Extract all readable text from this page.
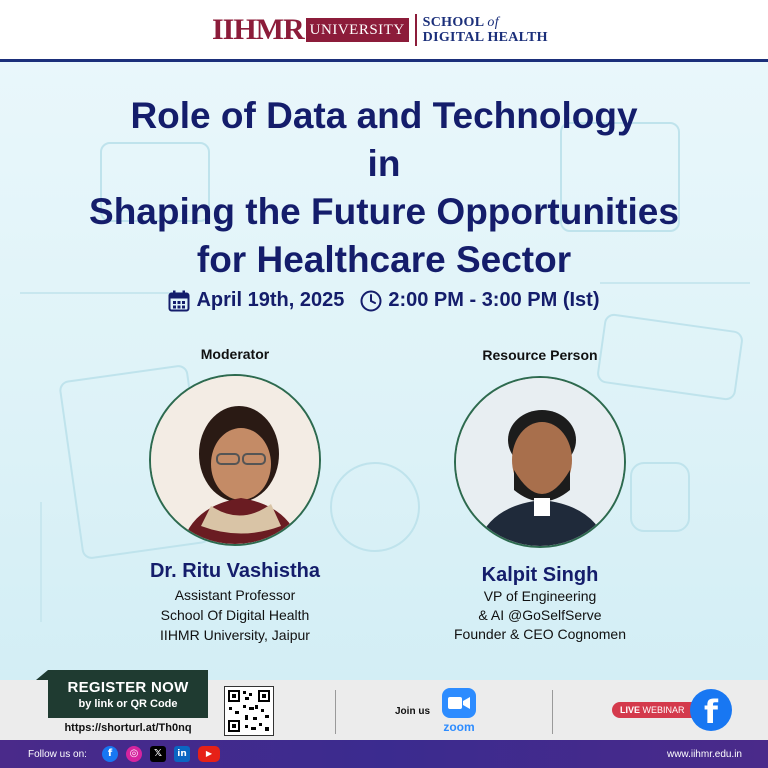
IIHMR UNIVERSITY SCHOOL of
DIGITAL HEALTH
Role of Data and Technology
in
Shaping the Future Opportunities
for Healthcare Sector
April 19th, 2025 2:00 PM - 3:00 PM (Ist)
Moderator
Dr. Ritu Vashistha
Assistant Professor
School Of Digital Health
IIHMR University, Jaipur
Resource Person
Kalpit Singh
VP of Engineering
& AI @GoSelfServe
Founder & CEO Cognomen
REGISTER NOW
by link or QR Code
https://shorturl.at/Th0nq
Join us
zoom
LIVE WEBINAR f
Follow us on:	f	◎	𝕏	in	▶	www.iihmr.edu.in
